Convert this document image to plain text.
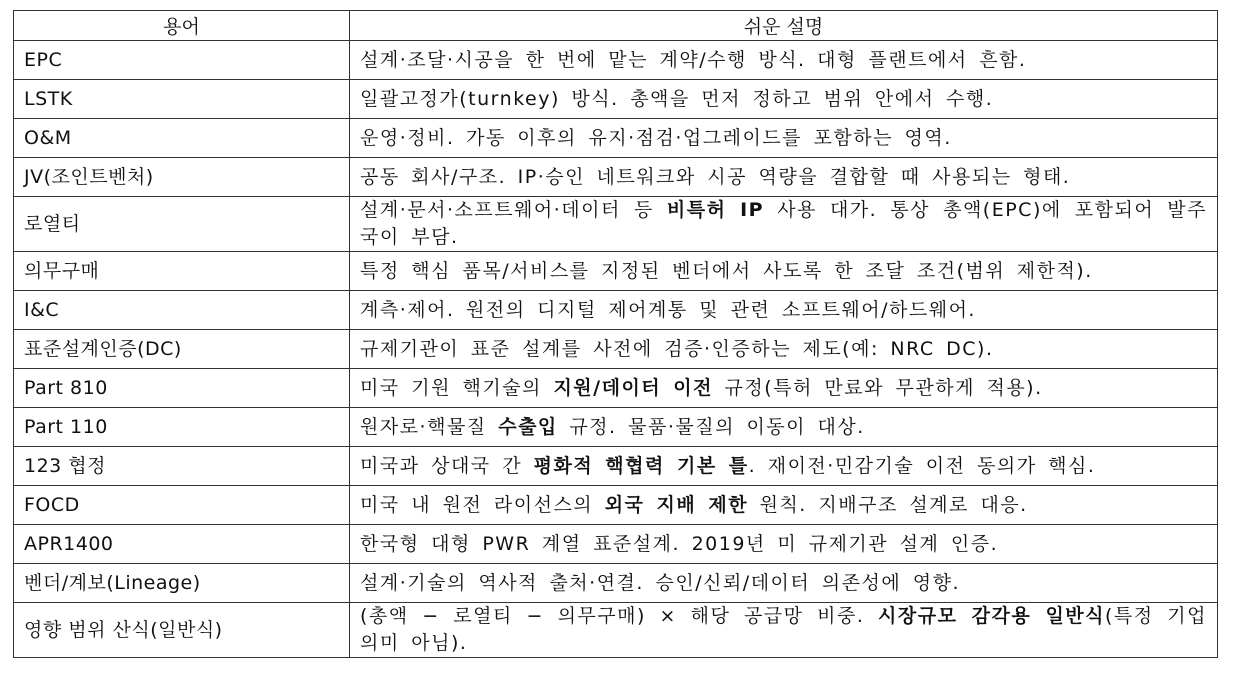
용어	쉬운 설명
EPC	설계·조달·시공을 한 번에 맡는 계약/수행 방식. 대형 플랜트에서 흔함.
LSTK	일괄고정가(turnkey) 방식. 총액을 먼저 정하고 범위 안에서 수행.
O&M	운영·정비. 가동 이후의 유지·점검·업그레이드를 포함하는 영역.
JV(조인트벤처)	공동 회사/구조. IP·승인 네트워크와 시공 역량을 결합할 때 사용되는 형태.
로열티	설계·문서·소프트웨어·데이터 등 비특허 IP 사용 대가. 통상 총액(EPC)에 포함되어 발주국이 부담.
의무구매	특정 핵심 품목/서비스를 지정된 벤더에서 사도록 한 조달 조건(범위 제한적).
I&C	계측·제어. 원전의 디지털 제어계통 및 관련 소프트웨어/하드웨어.
표준설계인증(DC)	규제기관이 표준 설계를 사전에 검증·인증하는 제도(예: NRC DC).
Part 810	미국 기원 핵기술의 지원/데이터 이전 규정(특허 만료와 무관하게 적용).
Part 110	원자로·핵물질 수출입 규정. 물품·물질의 이동이 대상.
123 협정	미국과 상대국 간 평화적 핵협력 기본 틀. 재이전·민감기술 이전 동의가 핵심.
FOCD	미국 내 원전 라이선스의 외국 지배 제한 원칙. 지배구조 설계로 대응.
APR1400	한국형 대형 PWR 계열 표준설계. 2019년 미 규제기관 설계 인증.
벤더/계보(Lineage)	설계·기술의 역사적 출처·연결. 승인/신뢰/데이터 의존성에 영향.
영향 범위 산식(일반식)	(총액 − 로열티 − 의무구매) × 해당 공급망 비중. 시장규모 감각용 일반식(특정 기업 의미 아님).
